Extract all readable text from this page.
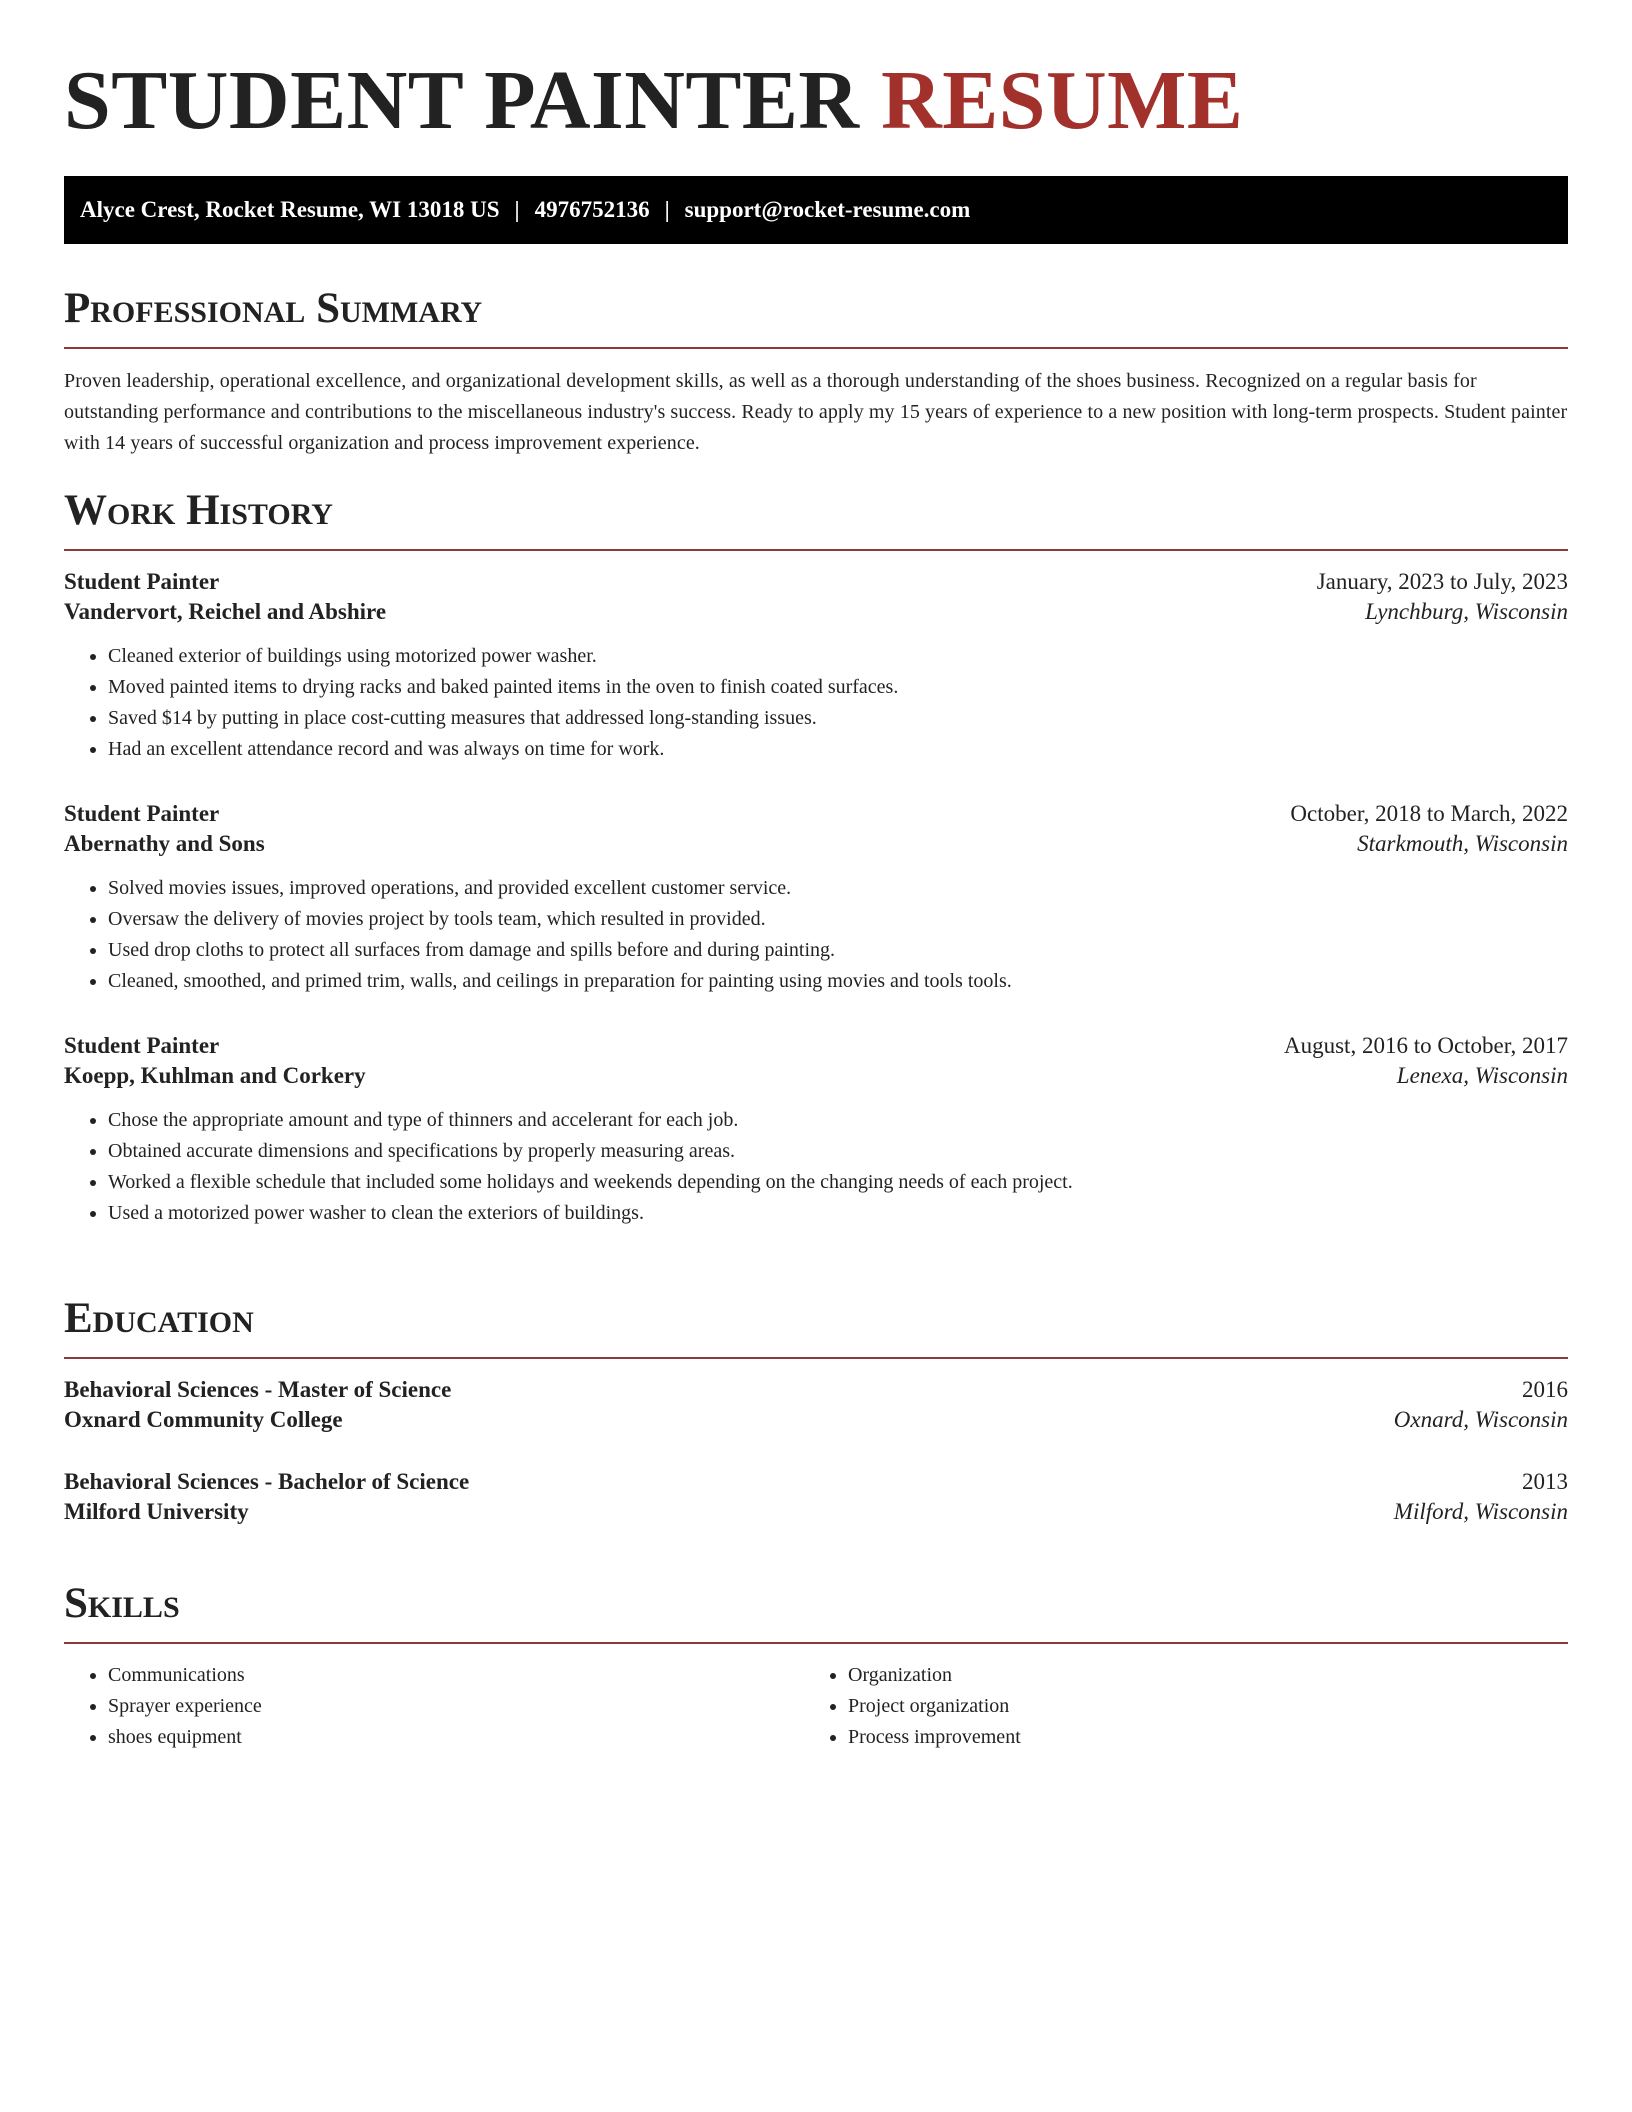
STUDENT PAINTER RESUME
Alyce Crest, Rocket Resume, WI 13018 US | 4976752136 | support@rocket-resume.com
Professional Summary

Proven leadership, operational excellence, and organizational development skills, as well as a thorough understanding of the shoes business. Recognized on a regular basis for outstanding performance and contributions to the miscellaneous industry's success. Ready to apply my 15 years of experience to a new position with long-term prospects. Student painter with 14 years of successful organization and process improvement experience.

Work History
Student Painter	January, 2023 to July, 2023
Vandervort, Reichel and Abshire	Lynchburg, Wisconsin
• Cleaned exterior of buildings using motorized power washer.
• Moved painted items to drying racks and baked painted items in the oven to finish coated surfaces.
• Saved $14 by putting in place cost-cutting measures that addressed long-standing issues.
• Had an excellent attendance record and was always on time for work.
Student Painter	October, 2018 to March, 2022
Abernathy and Sons	Starkmouth, Wisconsin
• Solved movies issues, improved operations, and provided excellent customer service.
• Oversaw the delivery of movies project by tools team, which resulted in provided.
• Used drop cloths to protect all surfaces from damage and spills before and during painting.
• Cleaned, smoothed, and primed trim, walls, and ceilings in preparation for painting using movies and tools tools.
Student Painter	August, 2016 to October, 2017
Koepp, Kuhlman and Corkery	Lenexa, Wisconsin
• Chose the appropriate amount and type of thinners and accelerant for each job.
• Obtained accurate dimensions and specifications by properly measuring areas.
• Worked a flexible schedule that included some holidays and weekends depending on the changing needs of each project.
• Used a motorized power washer to clean the exteriors of buildings.
Education
Behavioral Sciences - Master of Science	2016
Oxnard Community College	Oxnard, Wisconsin
Behavioral Sciences - Bachelor of Science	2013
Milford University	Milford, Wisconsin
Skills
• Communications
• Sprayer experience
• shoes equipment
• Organization
• Project organization
• Process improvement
